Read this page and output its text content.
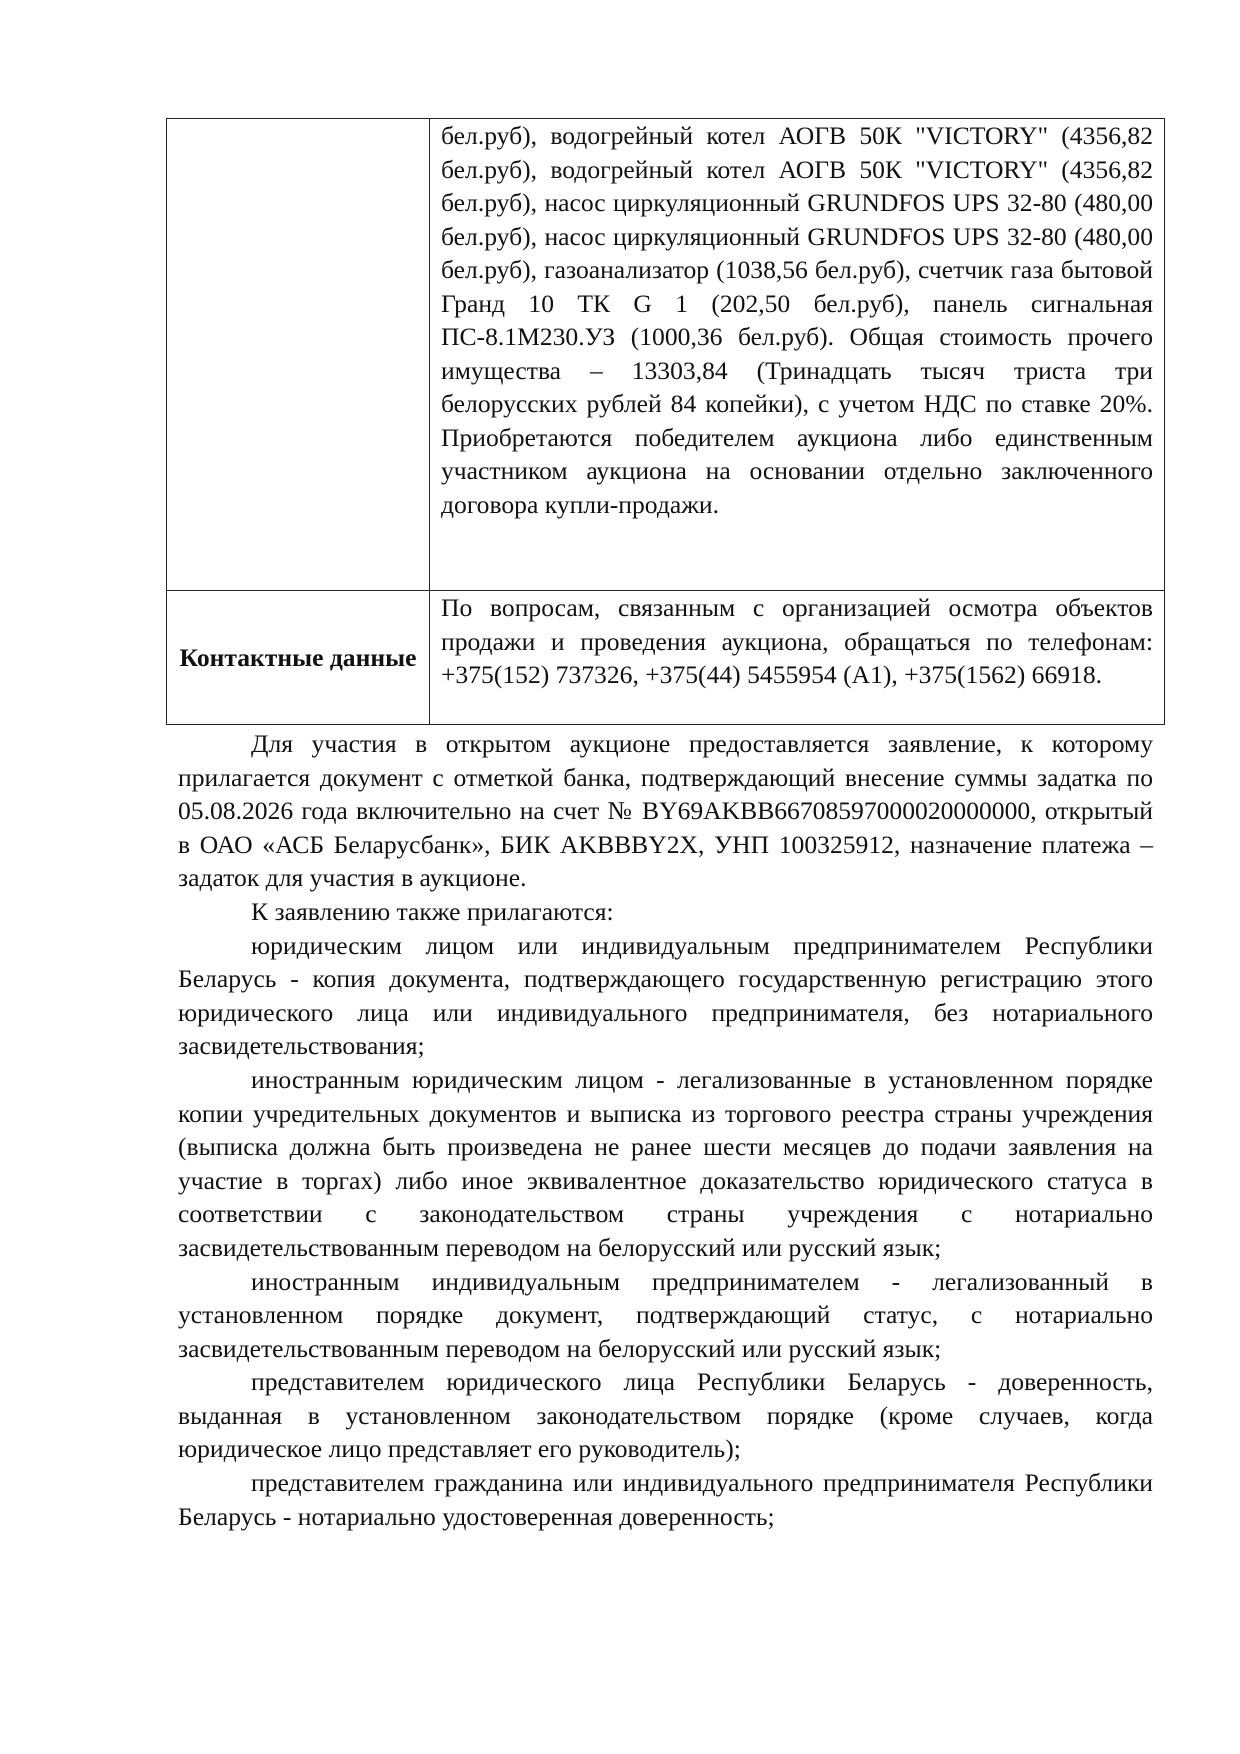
	бел.руб), водогрейный котел АОГВ 50К "VICTORY" (4356,82 бел.руб), водогрейный котел АОГВ 50К "VICTORY" (4356,82 бел.руб), насос циркуляционный GRUNDFOS UPS 32-80 (480,00 бел.руб), насос циркуляционный GRUNDFOS UPS 32-80 (480,00 бел.руб), газоанализатор (1038,56 бел.руб), счетчик газа бытовой Гранд 10 ТК G 1 (202,50 бел.руб), панель сигнальная ПС-8.1М230.УЗ (1000,36 бел.руб). Общая стоимость прочего имущества – 13303,84 (Тринадцать тысяч триста три белорусских рублей 84 копейки), с учетом НДС по ставке 20%. Приобретаются победителем аукциона либо единственным участником аукциона на основании отдельно заключенного договора купли-продажи.
Контактные данные	По вопросам, связанным с организацией осмотра объектов продажи и проведения аукциона, обращаться по телефонам: +375(152) 737326, +375(44) 5455954 (А1), +375(1562) 66918.

Для участия в открытом аукционе предоставляется заявление, к которому прилагается документ с отметкой банка, подтверждающий внесение суммы задатка по 05.08.2026 года включительно на счет № BY69AKBB66708597000020000000, открытый в ОАО «АСБ Беларусбанк», БИК AKBBBY2X, УНП 100325912, назначение платежа – задаток для участия в аукционе.

К заявлению также прилагаются:

юридическим лицом или индивидуальным предпринимателем Республики Беларусь - копия документа, подтверждающего государственную регистрацию этого юридического лица или индивидуального предпринимателя, без нотариального засвидетельствования;

иностранным юридическим лицом - легализованные в установленном порядке копии учредительных документов и выписка из торгового реестра страны учреждения (выписка должна быть произведена не ранее шести месяцев до подачи заявления на участие в торгах) либо иное эквивалентное доказательство юридического статуса в соответствии с законодательством страны учреждения с нотариально засвидетельствованным переводом на белорусский или русский язык;

иностранным индивидуальным предпринимателем - легализованный в установленном порядке документ, подтверждающий статус, с нотариально засвидетельствованным переводом на белорусский или русский язык;

представителем юридического лица Республики Беларусь - доверенность, выданная в установленном законодательством порядке (кроме случаев, когда юридическое лицо представляет его руководитель);

представителем гражданина или индивидуального предпринимателя Республики Беларусь - нотариально удостоверенная доверенность;
